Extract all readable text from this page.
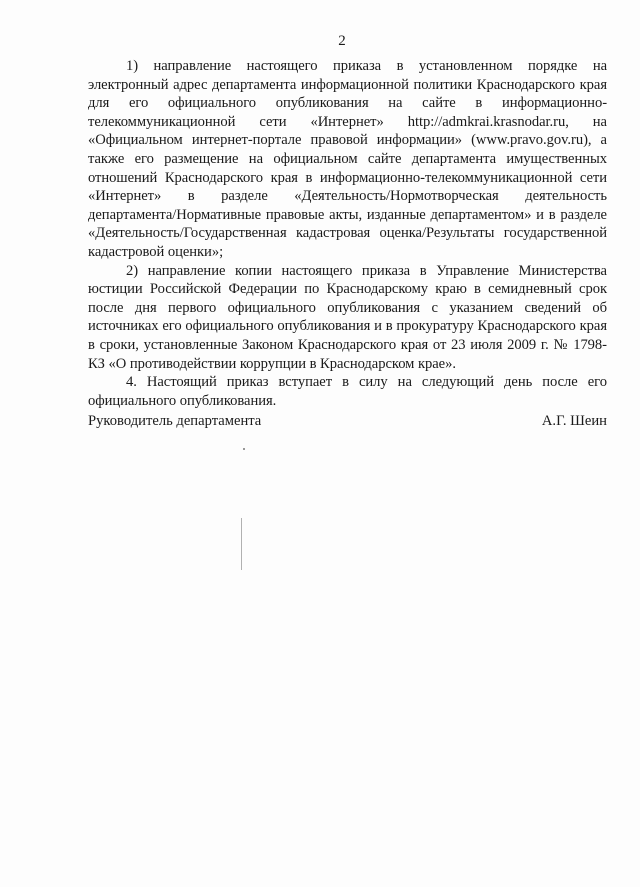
2

1) направление настоящего приказа в установленном порядке на электронный адрес департамента информационной политики Краснодарского края для его официального опубликования на сайте в информационно-телекоммуникационной сети «Интернет» http://admkrai.krasnodar.ru, на «Официальном интернет-портале правовой информации» (www.pravo.gov.ru), а также его размещение на официальном сайте департамента имущественных отношений Краснодарского края в информационно-телекоммуникационной сети «Интернет» в разделе «Деятельность/Нормотворческая деятельность департамента/Нормативные правовые акты, изданные департаментом» и в разделе «Деятельность/Государственная кадастровая оценка/Результаты государственной кадастровой оценки»;

2) направление копии настоящего приказа в Управление Министерства юстиции Российской Федерации по Краснодарскому краю в семидневный срок после дня первого официального опубликования с указанием сведений об источниках его официального опубликования и в прокуратуру Краснодарского края в сроки, установленные Законом Краснодарского края от 23 июля 2009 г. № 1798-КЗ «О противодействии коррупции в Краснодарском крае».

4. Настоящий приказ вступает в силу на следующий день после его официального опубликования.

Руководитель департамента	А.Г. Шеин
